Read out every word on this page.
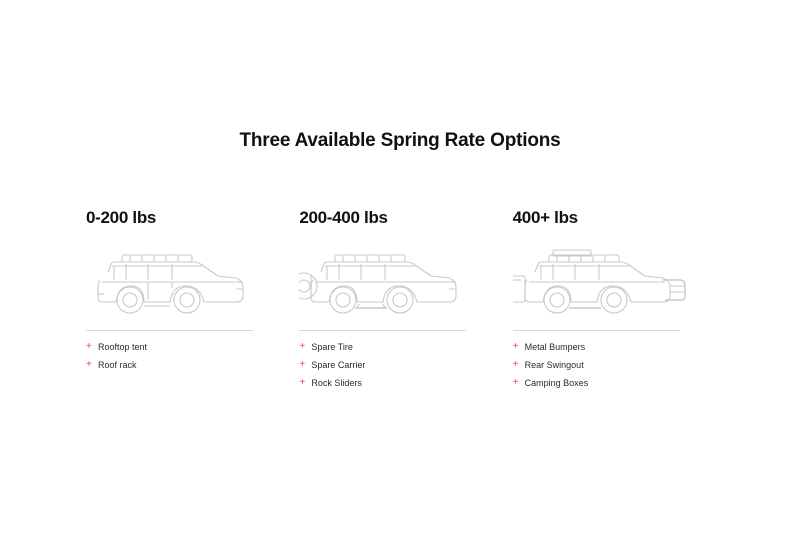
Three Available Spring Rate Options
0-200 lbs
+ Rooftop tent
+ Roof rack
200-400 lbs
+ Spare Tire
+ Spare Carrier
+ Rock Sliders
400+ lbs
+ Metal Bumpers
+ Rear Swingout
+ Camping Boxes
